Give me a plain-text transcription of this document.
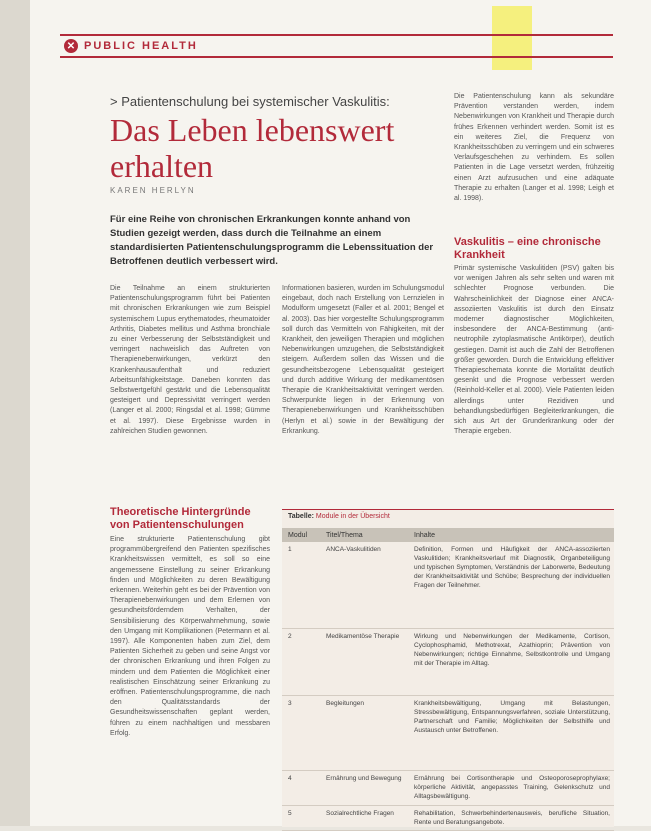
✕ PUBLIC HEALTH
> Patientenschulung bei systemischer Vaskulitis:
Das Leben lebenswert erhalten
KAREN HERLYN
Für eine Reihe von chronischen Erkrankungen konnte anhand von Studien gezeigt werden, dass durch die Teilnahme an einem standardisierten Patientenschulungsprogramm die Lebenssituation der Betroffenen deutlich verbessert wird.
Die Teilnahme an einem strukturierten Patientenschulungsprogramm führt bei Patienten mit chronischen Erkrankungen wie zum Beispiel systemischem Lupus erythematodes, rheumatoider Arthritis, Diabetes mellitus und Asthma bronchiale zu einer Verbesserung der Selbstständigkeit und verringert nachweislich das Auftreten von Therapienebenwirkungen, verkürzt den Krankenhausaufenthalt und reduziert Arbeitsunfähigkeitstage. Daneben konnten das Selbstwertgefühl gestärkt und die Lebensqualität gesteigert und Depressivität verringert werden (Langer et al. 2000; Ringsdal et al. 1998; Gümme et al. 1997). Diese Ergebnisse wurden in zahlreichen Studien gewonnen.
Informationen basieren, wurden im Schulungsmodul eingebaut, doch nach Erstellung von Lernzielen in Modulform umgesetzt (Faller et al. 2001; Bengel et al. 2003). Das hier vorgestellte Schulungsprogramm soll durch das Vermitteln von Fähigkeiten, mit der Krankheit, den jeweiligen Therapien und möglichen Nebenwirkungen umzugehen, die Selbstständigkeit steigern. Außerdem sollen das Wissen und die gesundheitsbezogene Lebensqualität gesteigert und durch additive Wirkung der medikamentösen Therapie die Krankheitsaktivität verringert werden. Schwerpunkte liegen in der Erkennung von Therapienebenwirkungen und Krankheitsschüben (Herlyn et al.) sowie in der Bewältigung der Erkrankung.
Die Patientenschulung kann als sekundäre Prävention verstanden werden, indem Nebenwirkungen von Krankheit und Therapie durch frühes Erkennen verhindert werden. Somit ist es ein weiteres Ziel, die Frequenz von Krankheitsschüben zu verringern und ein schweres Verlaufsgeschehen zu verhindern. Es sollen Patienten in die Lage versetzt werden, frühzeitig einen Arzt aufzusuchen und eine adäquate Therapie zu erhalten (Langer et al. 1998; Leigh et al. 1998).
Theoretische Hintergründe von Patientenschulungen
Eine strukturierte Patientenschulung gibt programmübergreifend den Patienten spezifisches Krankheitswissen vermittelt, es soll so eine angemessene Einstellung zu seiner Erkrankung finden und Möglichkeiten zu deren Bewältigung erkennen. Weiterhin geht es bei der Prävention von Therapienebenwirkungen und dem Erlernen von gesundheitsförderndem Verhalten, der Sensibilisierung des Körperwahrnehmung, sowie den Umgang mit Komplikationen (Petermann et al. 1997). Alle Komponenten haben zum Ziel, dem Patienten Sicherheit zu geben und seine Angst vor der chronischen Erkrankung und ihren Folgen zu mindern und dem Patienten die Möglichkeit einer realistischen Einschätzung seiner Erkrankung zu eröffnen. Patientenschulungsprogramme, die nach den Qualitätsstandards der Gesundheitswissenschaften geplant werden, führen zu einem nachhaltigen und messbaren Erfolg.
Vaskulitis – eine chronische Krankheit
Primär systemische Vaskulitiden (PSV) galten bis vor wenigen Jahren als sehr selten und waren mit schlechter Prognose verbunden. Die Wahrscheinlichkeit der Diagnose einer ANCA-assoziierten Vaskulitis ist durch den Einsatz moderner diagnostischer Möglichkeiten, insbesondere der ANCA-Bestimmung (anti-neutrophile zytoplasmatische Antikörper), deutlich gestiegen. Damit ist auch die Zahl der Betroffenen größer geworden. Durch die Entwicklung effektiver Therapieschemata konnte die Mortalität deutlich gesenkt und die Prognose verbessert werden (Reinhold-Keller et al. 2000). Viele Patienten leiden allerdings unter Rezidiven und behandlungsbedürftigen Begleiterkrankungen, die sich aus Art der Grunderkrankung oder der Therapie ergeben.
Tabelle: Module in der Übersicht
Modul	Titel/Thema	Inhalte
1	ANCA-Vaskulitiden	Definition, Formen und Häufigkeit der ANCA-assoziierten Vaskulitiden; Krankheitsverlauf mit Diagnostik, Organbeteiligung und typischen Symptomen, Verständnis der Laborwerte, Bedeutung der Krankheitsaktivität und Schübe; Besprechung der individuellen Fragen der Teilnehmer.
2	Medikamentöse Therapie	Wirkung und Nebenwirkungen der Medikamente, Cortison, Cyclophosphamid, Methotrexat, Azathioprin; Prävention von Nebenwirkungen; richtige Einnahme, Selbstkontrolle und Umgang mit der Therapie im Alltag.
3	Begleitungen	Krankheitsbewältigung, Umgang mit Belastungen, Stressbewältigung, Entspannungsverfahren, soziale Unterstützung, Partnerschaft und Familie; Möglichkeiten der Selbsthilfe und Austausch unter Betroffenen.
4	Ernährung und Bewegung	Ernährung bei Cortisontherapie und Osteoporoseprophylaxe; körperliche Aktivität, angepasstes Training, Gelenkschutz und Alltagsbewältigung.
5	Sozialrechtliche Fragen	Rehabilitation, Schwerbehindertenausweis, berufliche Situation, Rente und Beratungsangebote.
